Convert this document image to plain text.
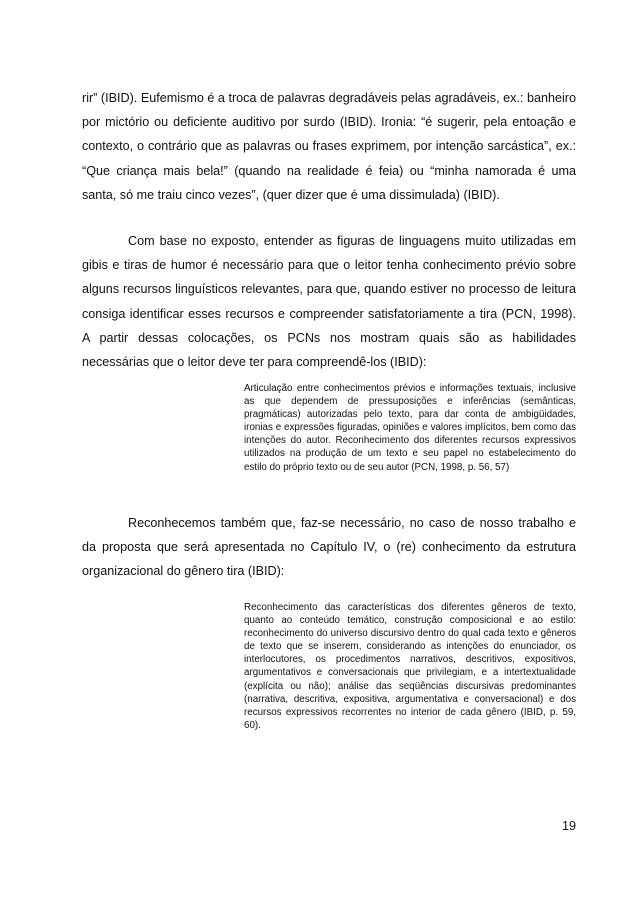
rir” (IBID). Eufemismo é a troca de palavras degradáveis pelas agradáveis, ex.: banheiro por mictório ou deficiente auditivo por surdo (IBID). Ironia: “é sugerir, pela entoação e contexto, o contrário que as palavras ou frases exprimem, por intenção sarcástica”, ex.: “Que criança mais bela!” (quando na realidade é feia) ou “minha namorada é uma santa, só me traiu cinco vezes”, (quer dizer que é uma dissimulada) (IBID).

Com base no exposto, entender as figuras de linguagens muito utilizadas em gibis e tiras de humor é necessário para que o leitor tenha conhecimento prévio sobre alguns recursos linguísticos relevantes, para que, quando estiver no processo de leitura consiga identificar esses recursos e compreender satisfatoriamente a tira (PCN, 1998). A partir dessas colocações, os PCNs nos mostram quais são as habilidades necessárias que o leitor deve ter para compreendê-los (IBID):

Articulação entre conhecimentos prévios e informações textuais, inclusive as que dependem de pressuposições e inferências (semânticas, pragmáticas) autorizadas pelo texto, para dar conta de ambigüidades, ironias e expressões figuradas, opiniões e valores implícitos, bem como das intenções do autor. Reconhecimento dos diferentes recursos expressivos utilizados na produção de um texto e seu papel no estabelecimento do estilo do próprio texto ou de seu autor (PCN, 1998, p. 56, 57)

Reconhecemos também que, faz-se necessário, no caso de nosso trabalho e da proposta que será apresentada no Capítulo IV, o (re) conhecimento da estrutura organizacional do gênero tira (IBID):

Reconhecimento das características dos diferentes gêneros de texto, quanto ao conteúdo temático, construção composicional e ao estilo: reconhecimento do universo discursivo dentro do qual cada texto e gêneros de texto que se inserem, considerando as intenções do enunciador, os interlocutores, os procedimentos narrativos, descritivos, expositivos, argumentativos e conversacionais que privilegiam, e a intertextualidade (explícita ou não); análise das seqüências discursivas predominantes (narrativa, descritiva, expositiva, argumentativa e conversacional) e dos recursos expressivos recorrentes no interior de cada gênero (IBID, p. 59, 60).

19
